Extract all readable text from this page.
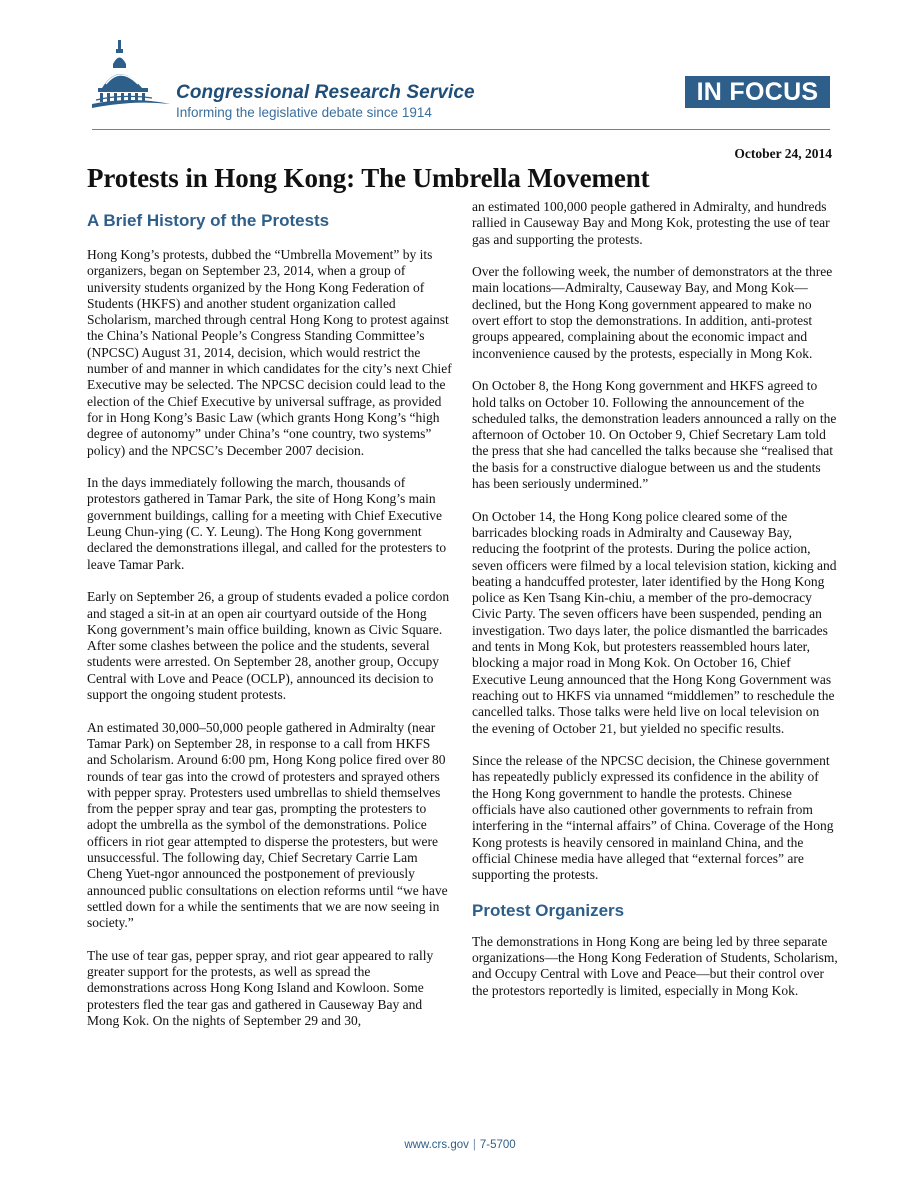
Congressional Research Service
Informing the legislative debate since 1914
IN FOCUS
October 24, 2014
Protests in Hong Kong: The Umbrella Movement
A Brief History of the Protests

Hong Kong’s protests, dubbed the “Umbrella Movement” by its organizers, began on September 23, 2014, when a group of university students organized by the Hong Kong Federation of Students (HKFS) and another student organization called Scholarism, marched through central Hong Kong to protest against the China’s National People’s Congress Standing Committee’s (NPCSC) August 31, 2014, decision, which would restrict the number of and manner in which candidates for the city’s next Chief Executive may be selected. The NPCSC decision could lead to the election of the Chief Executive by universal suffrage, as provided for in Hong Kong’s Basic Law (which grants Hong Kong’s “high degree of autonomy” under China’s “one country, two systems” policy) and the NPCSC’s December 2007 decision.

In the days immediately following the march, thousands of protestors gathered in Tamar Park, the site of Hong Kong’s main government buildings, calling for a meeting with Chief Executive Leung Chun-ying (C. Y. Leung). The Hong Kong government declared the demonstrations illegal, and called for the protesters to leave Tamar Park.

Early on September 26, a group of students evaded a police cordon and staged a sit-in at an open air courtyard outside of the Hong Kong government’s main office building, known as Civic Square. After some clashes between the police and the students, several students were arrested. On September 28, another group, Occupy Central with Love and Peace (OCLP), announced its decision to support the ongoing student protests.

An estimated 30,000–50,000 people gathered in Admiralty (near Tamar Park) on September 28, in response to a call from HKFS and Scholarism. Around 6:00 pm, Hong Kong police fired over 80 rounds of tear gas into the crowd of protesters and sprayed others with pepper spray. Protesters used umbrellas to shield themselves from the pepper spray and tear gas, prompting the protesters to adopt the umbrella as the symbol of the demonstrations. Police officers in riot gear attempted to disperse the protesters, but were unsuccessful. The following day, Chief Secretary Carrie Lam Cheng Yuet-ngor announced the postponement of previously announced public consultations on election reforms until “we have settled down for a while the sentiments that we are now seeing in society.”

The use of tear gas, pepper spray, and riot gear appeared to rally greater support for the protests, as well as spread the demonstrations across Hong Kong Island and Kowloon. Some protesters fled the tear gas and gathered in Causeway Bay and Mong Kok. On the nights of September 29 and 30,

an estimated 100,000 people gathered in Admiralty, and hundreds rallied in Causeway Bay and Mong Kok, protesting the use of tear gas and supporting the protests.

Over the following week, the number of demonstrators at the three main locations—Admiralty, Causeway Bay, and Mong Kok—declined, but the Hong Kong government appeared to make no overt effort to stop the demonstrations. In addition, anti-protest groups appeared, complaining about the economic impact and inconvenience caused by the protests, especially in Mong Kok.

On October 8, the Hong Kong government and HKFS agreed to hold talks on October 10. Following the announcement of the scheduled talks, the demonstration leaders announced a rally on the afternoon of October 10. On October 9, Chief Secretary Lam told the press that she had cancelled the talks because she “realised that the basis for a constructive dialogue between us and the students has been seriously undermined.”

On October 14, the Hong Kong police cleared some of the barricades blocking roads in Admiralty and Causeway Bay, reducing the footprint of the protests. During the police action, seven officers were filmed by a local television station, kicking and beating a handcuffed protester, later identified by the Hong Kong police as Ken Tsang Kin-chiu, a member of the pro-democracy Civic Party. The seven officers have been suspended, pending an investigation. Two days later, the police dismantled the barricades and tents in Mong Kok, but protesters reassembled hours later, blocking a major road in Mong Kok. On October 16, Chief Executive Leung announced that the Hong Kong Government was reaching out to HKFS via unnamed “middlemen” to reschedule the cancelled talks. Those talks were held live on local television on the evening of October 21, but yielded no specific results.

Since the release of the NPCSC decision, the Chinese government has repeatedly publicly expressed its confidence in the ability of the Hong Kong government to handle the protests. Chinese officials have also cautioned other governments to refrain from interfering in the “internal affairs” of China. Coverage of the Hong Kong protests is heavily censored in mainland China, and the official Chinese media have alleged that “external forces” are supporting the protests.

Protest Organizers

The demonstrations in Hong Kong are being led by three separate organizations—the Hong Kong Federation of Students, Scholarism, and Occupy Central with Love and Peace—but their control over the protestors reportedly is limited, especially in Mong Kok.

www.crs.gov | 7-5700
